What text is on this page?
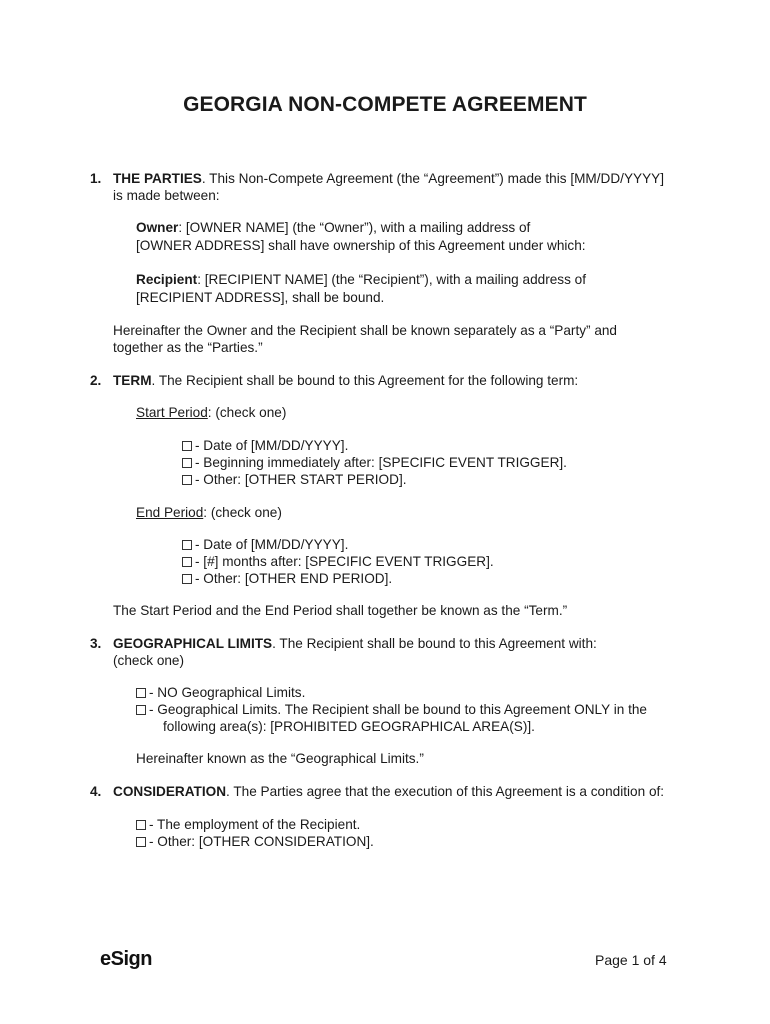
GEORGIA NON-COMPETE AGREEMENT
1. THE PARTIES. This Non-Compete Agreement (the “Agreement”) made this [MM/DD/YYYY]
is made between:
Owner: [OWNER NAME] (the “Owner”), with a mailing address of
[OWNER ADDRESS] shall have ownership of this Agreement under which:
Recipient: [RECIPIENT NAME] (the “Recipient”), with a mailing address of
[RECIPIENT ADDRESS], shall be bound.
Hereinafter the Owner and the Recipient shall be known separately as a “Party” and
together as the “Parties.”
2. TERM. The Recipient shall be bound to this Agreement for the following term:
Start Period: (check one)
- Date of [MM/DD/YYYY].
- Beginning immediately after: [SPECIFIC EVENT TRIGGER].
- Other: [OTHER START PERIOD].
End Period: (check one)
- Date of [MM/DD/YYYY].
- [#] months after: [SPECIFIC EVENT TRIGGER].
- Other: [OTHER END PERIOD].
The Start Period and the End Period shall together be known as the “Term.”
3. GEOGRAPHICAL LIMITS. The Recipient shall be bound to this Agreement with:
(check one)
- NO Geographical Limits.
- Geographical Limits. The Recipient shall be bound to this Agreement ONLY in the
following area(s): [PROHIBITED GEOGRAPHICAL AREA(S)].
Hereinafter known as the “Geographical Limits.”
4. CONSIDERATION. The Parties agree that the execution of this Agreement is a condition of:
- The employment of the Recipient.
- Other: [OTHER CONSIDERATION].
eSign	Page 1 of 4
